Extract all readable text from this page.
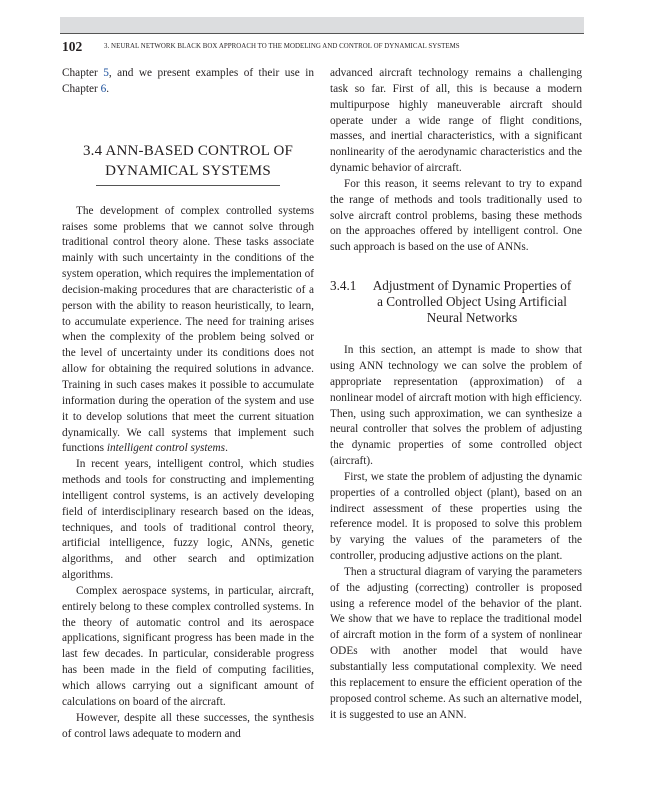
102	3. NEURAL NETWORK BLACK BOX APPROACH TO THE MODELING AND CONTROL OF DYNAMICAL SYSTEMS

Chapter 5, and we present examples of their use in Chapter 6.

3.4 ANN-BASED CONTROL OF
DYNAMICAL SYSTEMS

The development of complex controlled systems raises some problems that we cannot solve through traditional control theory alone. These tasks associate mainly with such uncertainty in the conditions of the system operation, which requires the implementation of decision-making procedures that are characteristic of a person with the ability to reason heuristically, to learn, to accumulate experience. The need for training arises when the complexity of the problem being solved or the level of uncertainty under its conditions does not allow for obtaining the required solutions in advance. Training in such cases makes it possible to accumulate information during the operation of the system and use it to develop solutions that meet the current situation dynamically. We call systems that implement such functions intelligent control systems.

In recent years, intelligent control, which studies methods and tools for constructing and implementing intelligent control systems, is an actively developing field of interdisciplinary research based on the ideas, techniques, and tools of traditional control theory, artificial intelligence, fuzzy logic, ANNs, genetic algorithms, and other search and optimization algorithms.

Complex aerospace systems, in particular, aircraft, entirely belong to these complex controlled systems. In the theory of automatic control and its aerospace applications, significant progress has been made in the last few decades. In particular, considerable progress has been made in the field of computing facilities, which allows carrying out a significant amount of calculations on board of the aircraft.

However, despite all these successes, the synthesis of control laws adequate to modern and

advanced aircraft technology remains a challenging task so far. First of all, this is because a modern multipurpose highly maneuverable aircraft should operate under a wide range of flight conditions, masses, and inertial characteristics, with a significant nonlinearity of the aerodynamic characteristics and the dynamic behavior of aircraft.

For this reason, it seems relevant to try to expand the range of methods and tools traditionally used to solve aircraft control problems, basing these methods on the approaches offered by intelligent control. One such approach is based on the use of ANNs.

3.4.1	Adjustment of Dynamic Properties of a Controlled Object Using Artificial Neural Networks

In this section, an attempt is made to show that using ANN technology we can solve the problem of appropriate representation (approximation) of a nonlinear model of aircraft motion with high efficiency. Then, using such approximation, we can synthesize a neural controller that solves the problem of adjusting the dynamic properties of some controlled object (aircraft).

First, we state the problem of adjusting the dynamic properties of a controlled object (plant), based on an indirect assessment of these properties using the reference model. It is proposed to solve this problem by varying the values of the parameters of the controller, producing adjustive actions on the plant.

Then a structural diagram of varying the parameters of the adjusting (correcting) controller is proposed using a reference model of the behavior of the plant. We show that we have to replace the traditional model of aircraft motion in the form of a system of nonlinear ODEs with another model that would have substantially less computational complexity. We need this replacement to ensure the efficient operation of the proposed control scheme. As such an alternative model, it is suggested to use an ANN.
